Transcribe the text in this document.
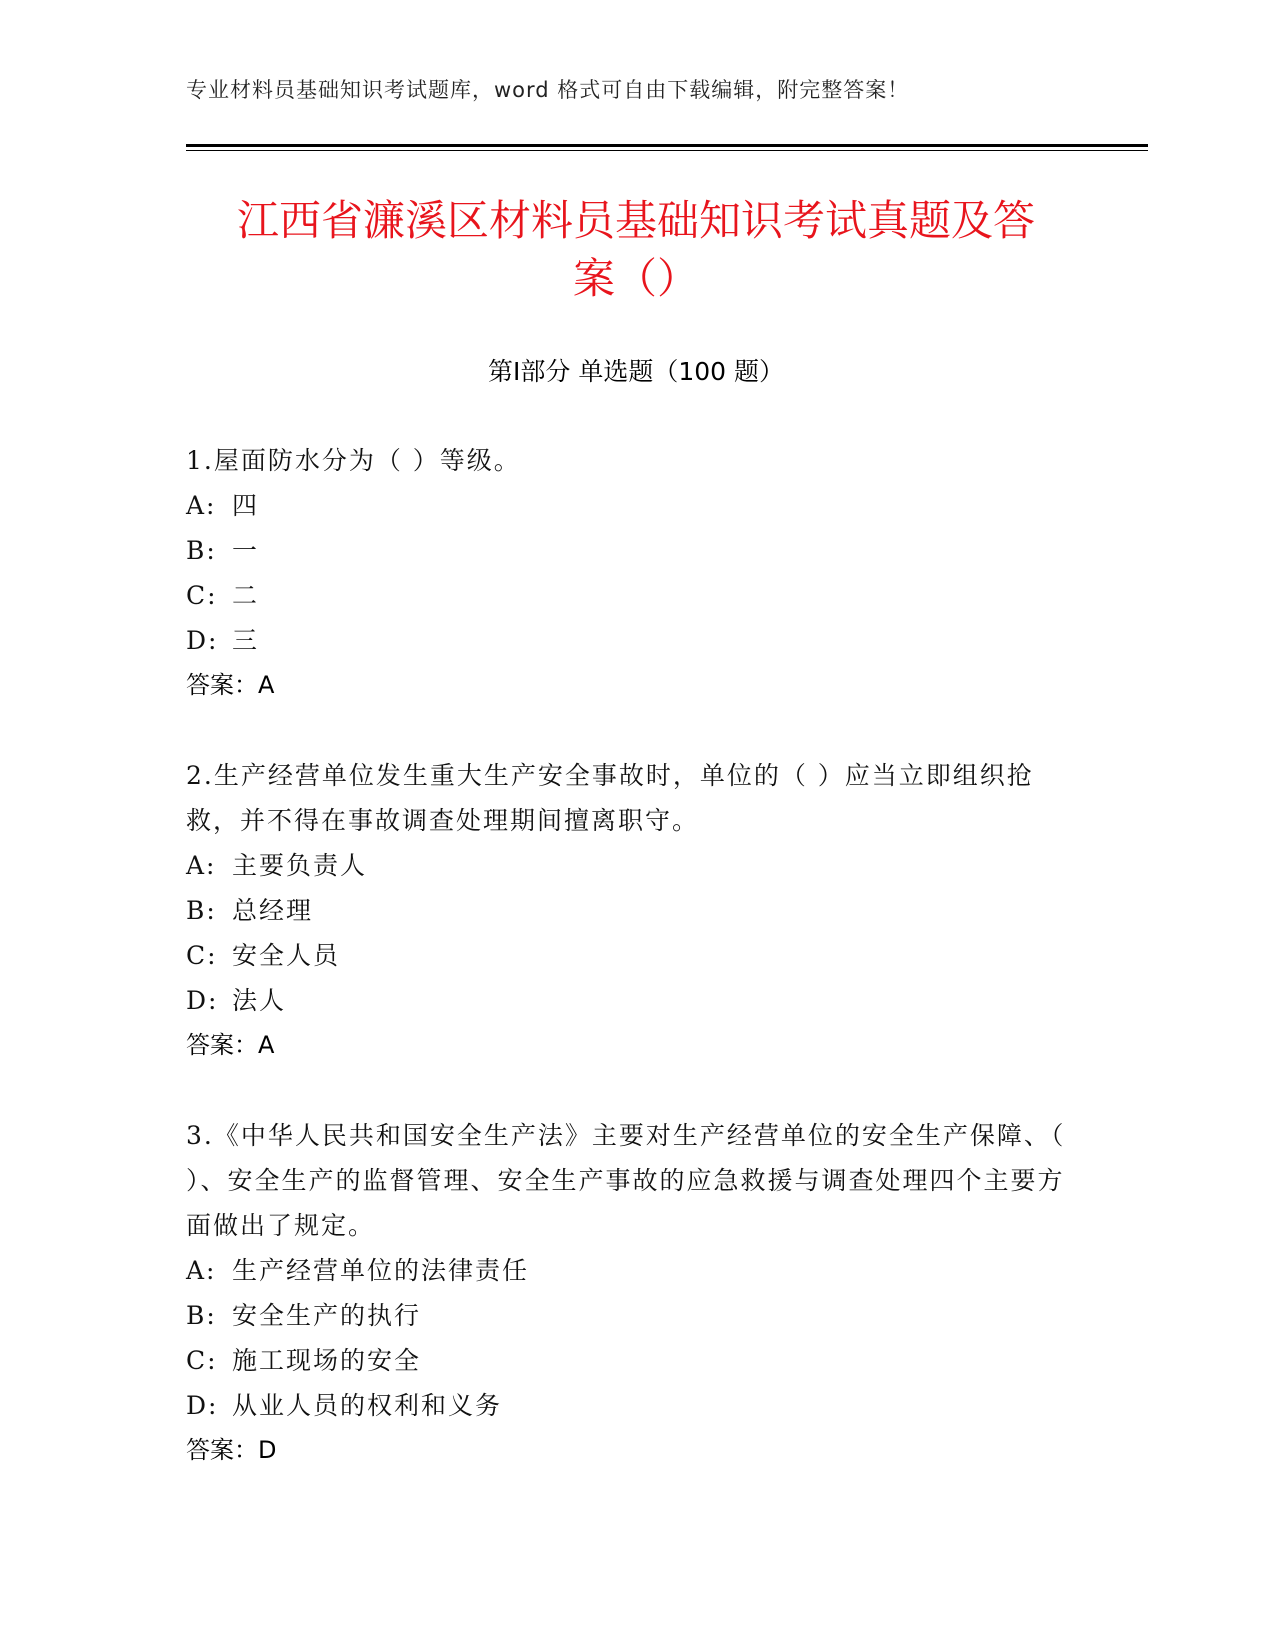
专业材料员基础知识考试题库，word 格式可自由下载编辑，附完整答案！
江西省濂溪区材料员基础知识考试真题及答
案（）
第Ⅰ部分 单选题（100 题）

1.屋面防水分为（ ）等级。

A: 四

B: 一

C: 二

D: 三

答案：A

2.生产经营单位发生重大生产安全事故时，单位的（ ）应当立即组织抢救，并不得在事故调查处理期间擅离职守。

A: 主要负责人

B: 总经理

C: 安全人员

D: 法人

答案：A

3.《中华人民共和国安全生产法》主要对生产经营单位的安全生产保障、（ ）、安全生产的监督管理、安全生产事故的应急救援与调查处理四个主要方面做出了规定。

A: 生产经营单位的法律责任

B: 安全生产的执行

C: 施工现场的安全

D: 从业人员的权利和义务

答案：D
